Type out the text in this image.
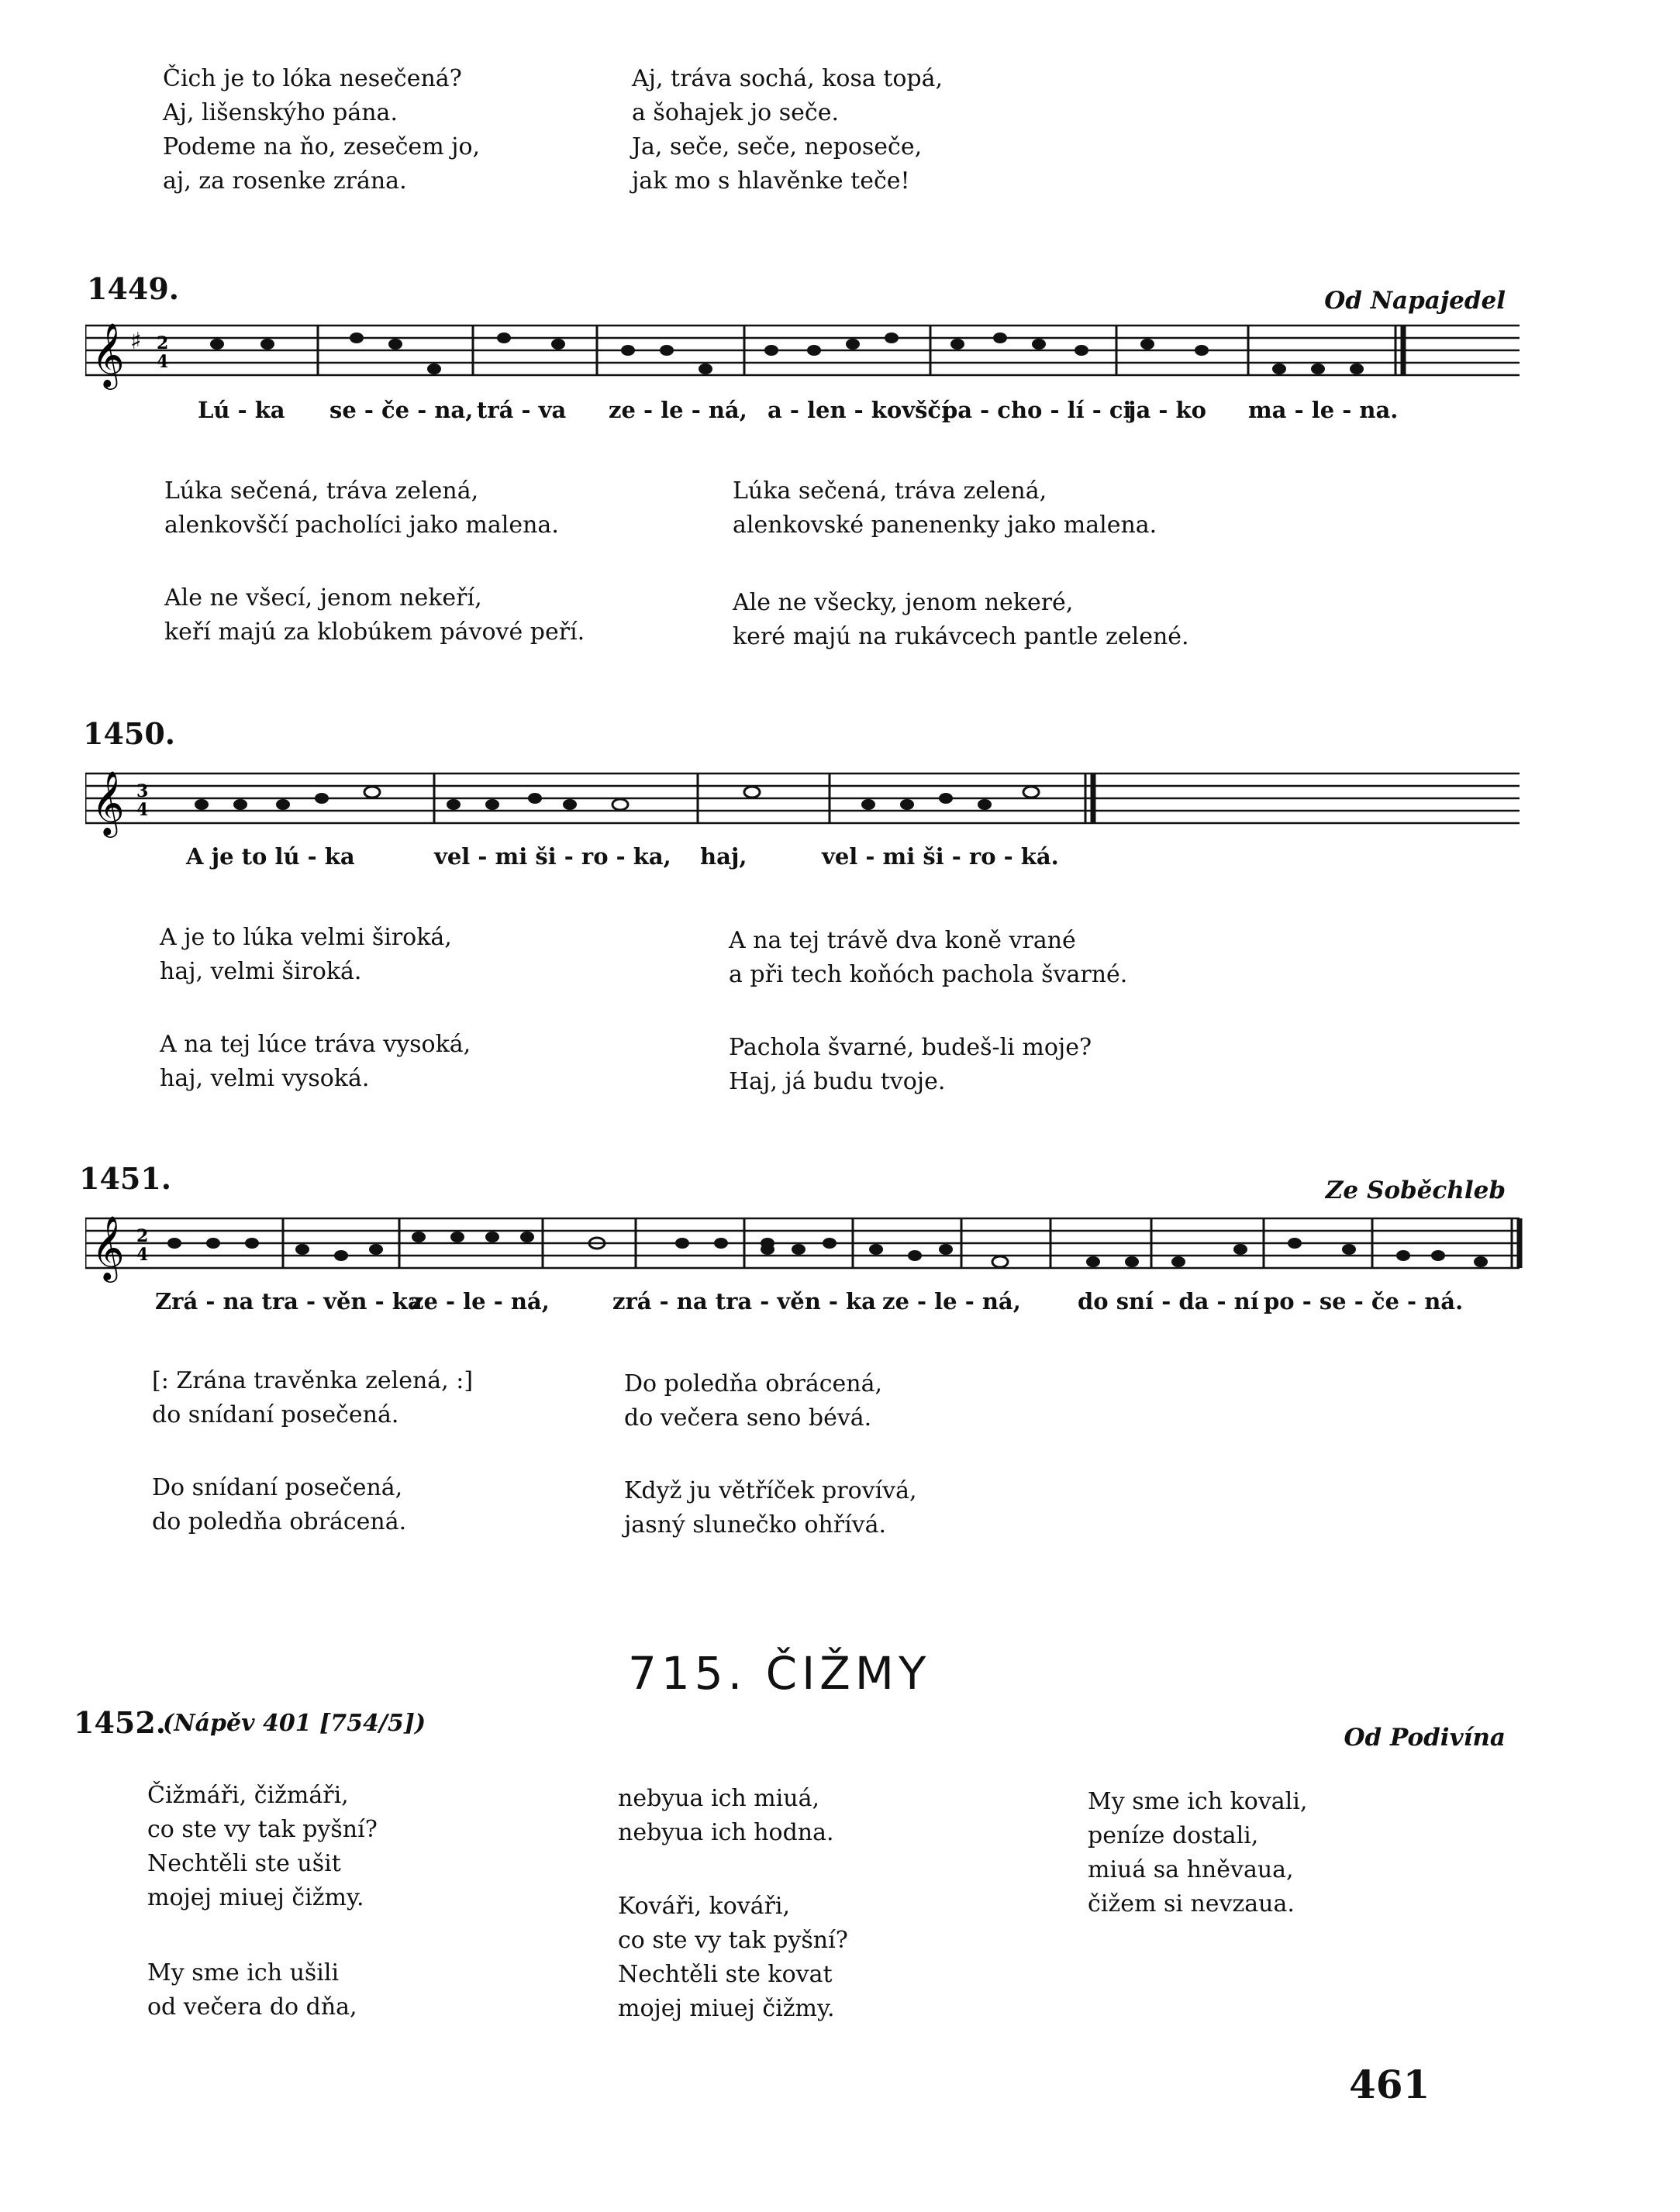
Čich je to lóka nesečená?
Aj, lišenskýho pána.
Podeme na ňo, zesečem jo,
aj, za rosenke zrána.
Aj, tráva sochá, kosa topá,
a šohajek jo seče.
Ja, seče, seče, neposeče,
jak mo s hlavěnke teče!
1449.	Od Napajedel
𝄞 ♯ 2
4
Lú - ka se - če - na, trá - va ze - le - ná, a - len - kovščí
pa - cho - lí - ci
ja - ko ma - le - na.
Lúka sečená, tráva zelená,
alenkovščí pacholíci jako malena.
Lúka sečená, tráva zelená,
alenkovské panenenky jako malena.
Ale ne všecí, jenom nekeří,
keří majú za klobúkem pávové peří.
Ale ne všecky, jenom nekeré,
keré majú na rukávcech pantle zelené.
1450.
𝄞 3
4
A je to lú - ka	vel - mi ši - ro - ka, haj,	vel - mi ši - ro - ká.
A je to lúka velmi široká,
haj, velmi široká.
A na tej trávě dva koně vrané
a při tech koňóch pachola švarné.
A na tej lúce tráva vysoká,
haj, velmi vysoká.
Pachola švarné, budeš-li moje?
Haj, já budu tvoje.
1451.	Ze Soběchleb
𝄞 2
4
Zrá - na tra - věn - ka
ze - le - ná,	zrá - na tra - věn - ka ze - le - ná,	do sní - da - ní po - se - če - ná.
[: Zrána travěnka zelená, :]
do snídaní posečená.
Do poledňa obrácená,
do večera seno bévá.
Do snídaní posečená,
do poledňa obrácená.
Když ju větříček provívá,
jasný slunečko ohřívá.
715. ČIŽMY
1452.
(Nápěv 401 [754/5])
Od Podivína
Čižmáři, čižmáři,
co ste vy tak pyšní?
Nechtěli ste ušit
mojej miuej čižmy.
My sme ich ušili
od večera do dňa,
nebyua ich miuá,
nebyua ich hodna.
Kováři, kováři,
co ste vy tak pyšní?
Nechtěli ste kovat
mojej miuej čižmy.
My sme ich kovali,
peníze dostali,
miuá sa hněvaua,
čižem si nevzaua.
461
